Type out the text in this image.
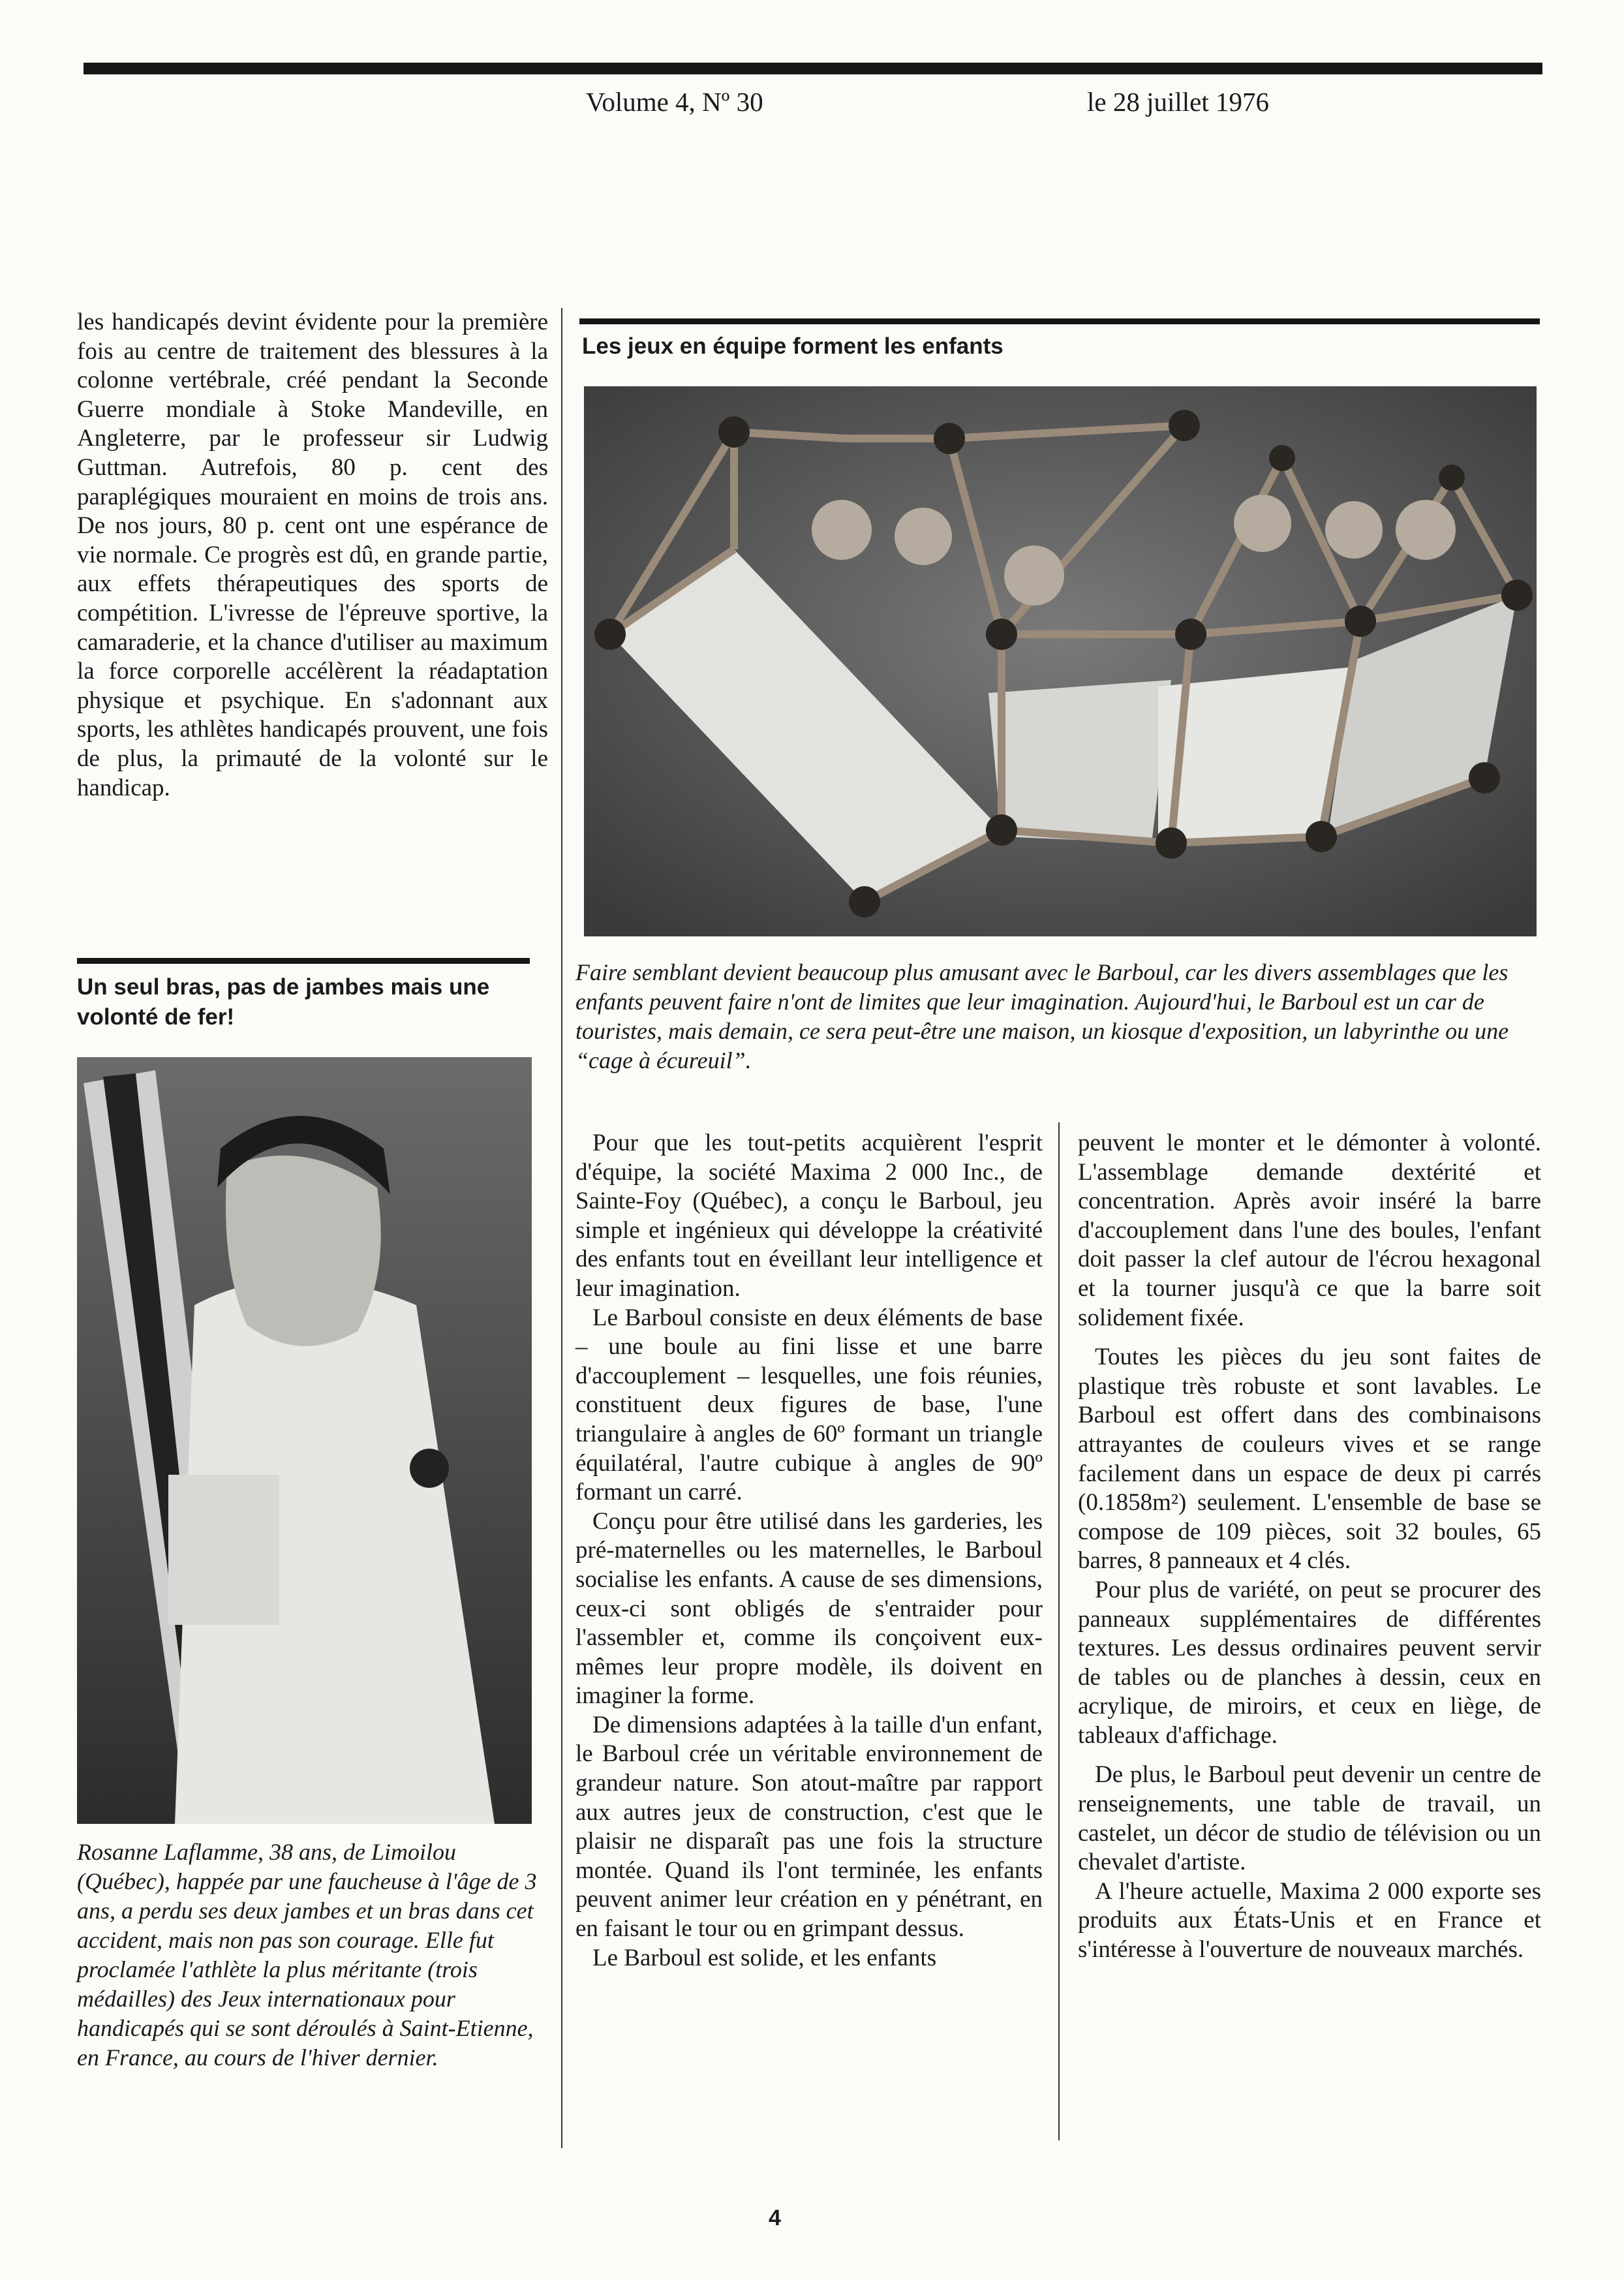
Volume 4, Nº 30	le 28 juillet 1976

les handicapés devint évidente pour la première fois au centre de traitement des blessures à la colonne vertébrale, créé pendant la Seconde Guerre mondiale à Stoke Mandeville, en Angleterre, par le professeur sir Ludwig Guttman. Autrefois, 80 p. cent des paraplégiques mouraient en moins de trois ans. De nos jours, 80 p. cent ont une espérance de vie normale. Ce progrès est dû, en grande partie, aux effets thérapeutiques des sports de compétition. L'ivresse de l'épreuve sportive, la camaraderie, et la chance d'utiliser au maximum la force corporelle accélèrent la réadaptation physique et psychique. En s'adonnant aux sports, les athlètes handicapés prouvent, une fois de plus, la primauté de la volonté sur le handicap.

Un seul bras, pas de jambes mais une volonté de fer!
Rosanne Laflamme, 38 ans, de Limoilou (Québec), happée par une faucheuse à l'âge de 3 ans, a perdu ses deux jambes et un bras dans cet accident, mais non pas son courage. Elle fut proclamée l'athlète la plus méritante (trois médailles) des Jeux internationaux pour handicapés qui se sont déroulés à Saint-Etienne, en France, au cours de l'hiver dernier.
Les jeux en équipe forment les enfants
Faire semblant devient beaucoup plus amusant avec le Barboul, car les divers assemblages que les enfants peuvent faire n'ont de limites que leur imagination. Aujourd'hui, le Barboul est un car de touristes, mais demain, ce sera peut-être une maison, un kiosque d'exposition, un labyrinthe ou une “cage à écureuil”.

Pour que les tout-petits acquièrent l'esprit d'équipe, la société Maxima 2 000 Inc., de Sainte-Foy (Québec), a conçu le Barboul, jeu simple et ingénieux qui développe la créativité des enfants tout en éveillant leur intelligence et leur imagination.

Le Barboul consiste en deux éléments de base – une boule au fini lisse et une barre d'accouplement – lesquelles, une fois réunies, constituent deux figures de base, l'une triangulaire à angles de 60º formant un triangle équilatéral, l'autre cubique à angles de 90º formant un carré.

Conçu pour être utilisé dans les garderies, les pré-maternelles ou les maternelles, le Barboul socialise les enfants. A cause de ses dimensions, ceux-ci sont obligés de s'entraider pour l'assembler et, comme ils conçoivent eux-mêmes leur propre modèle, ils doivent en imaginer la forme.

De dimensions adaptées à la taille d'un enfant, le Barboul crée un véritable environnement de grandeur nature. Son atout-maître par rapport aux autres jeux de construction, c'est que le plaisir ne disparaît pas une fois la structure montée. Quand ils l'ont terminée, les enfants peuvent animer leur création en y pénétrant, en en faisant le tour ou en grimpant dessus.

Le Barboul est solide, et les enfants

peuvent le monter et le démonter à volonté. L'assemblage demande dextérité et concentration. Après avoir inséré la barre d'accouplement dans l'une des boules, l'enfant doit passer la clef autour de l'écrou hexagonal et la tourner jusqu'à ce que la barre soit solidement fixée.

Toutes les pièces du jeu sont faites de plastique très robuste et sont lavables. Le Barboul est offert dans des combinaisons attrayantes de couleurs vives et se range facilement dans un espace de deux pi carrés (0.1858m²) seulement. L'ensemble de base se compose de 109 pièces, soit 32 boules, 65 barres, 8 panneaux et 4 clés.

Pour plus de variété, on peut se procurer des panneaux supplémentaires de différentes textures. Les dessus ordinaires peuvent servir de tables ou de planches à dessin, ceux en acrylique, de miroirs, et ceux en liège, de tableaux d'affichage.

De plus, le Barboul peut devenir un centre de renseignements, une table de travail, un castelet, un décor de studio de télévision ou un chevalet d'artiste.

A l'heure actuelle, Maxima 2 000 exporte ses produits aux États-Unis et en France et s'intéresse à l'ouverture de nouveaux marchés.

4
